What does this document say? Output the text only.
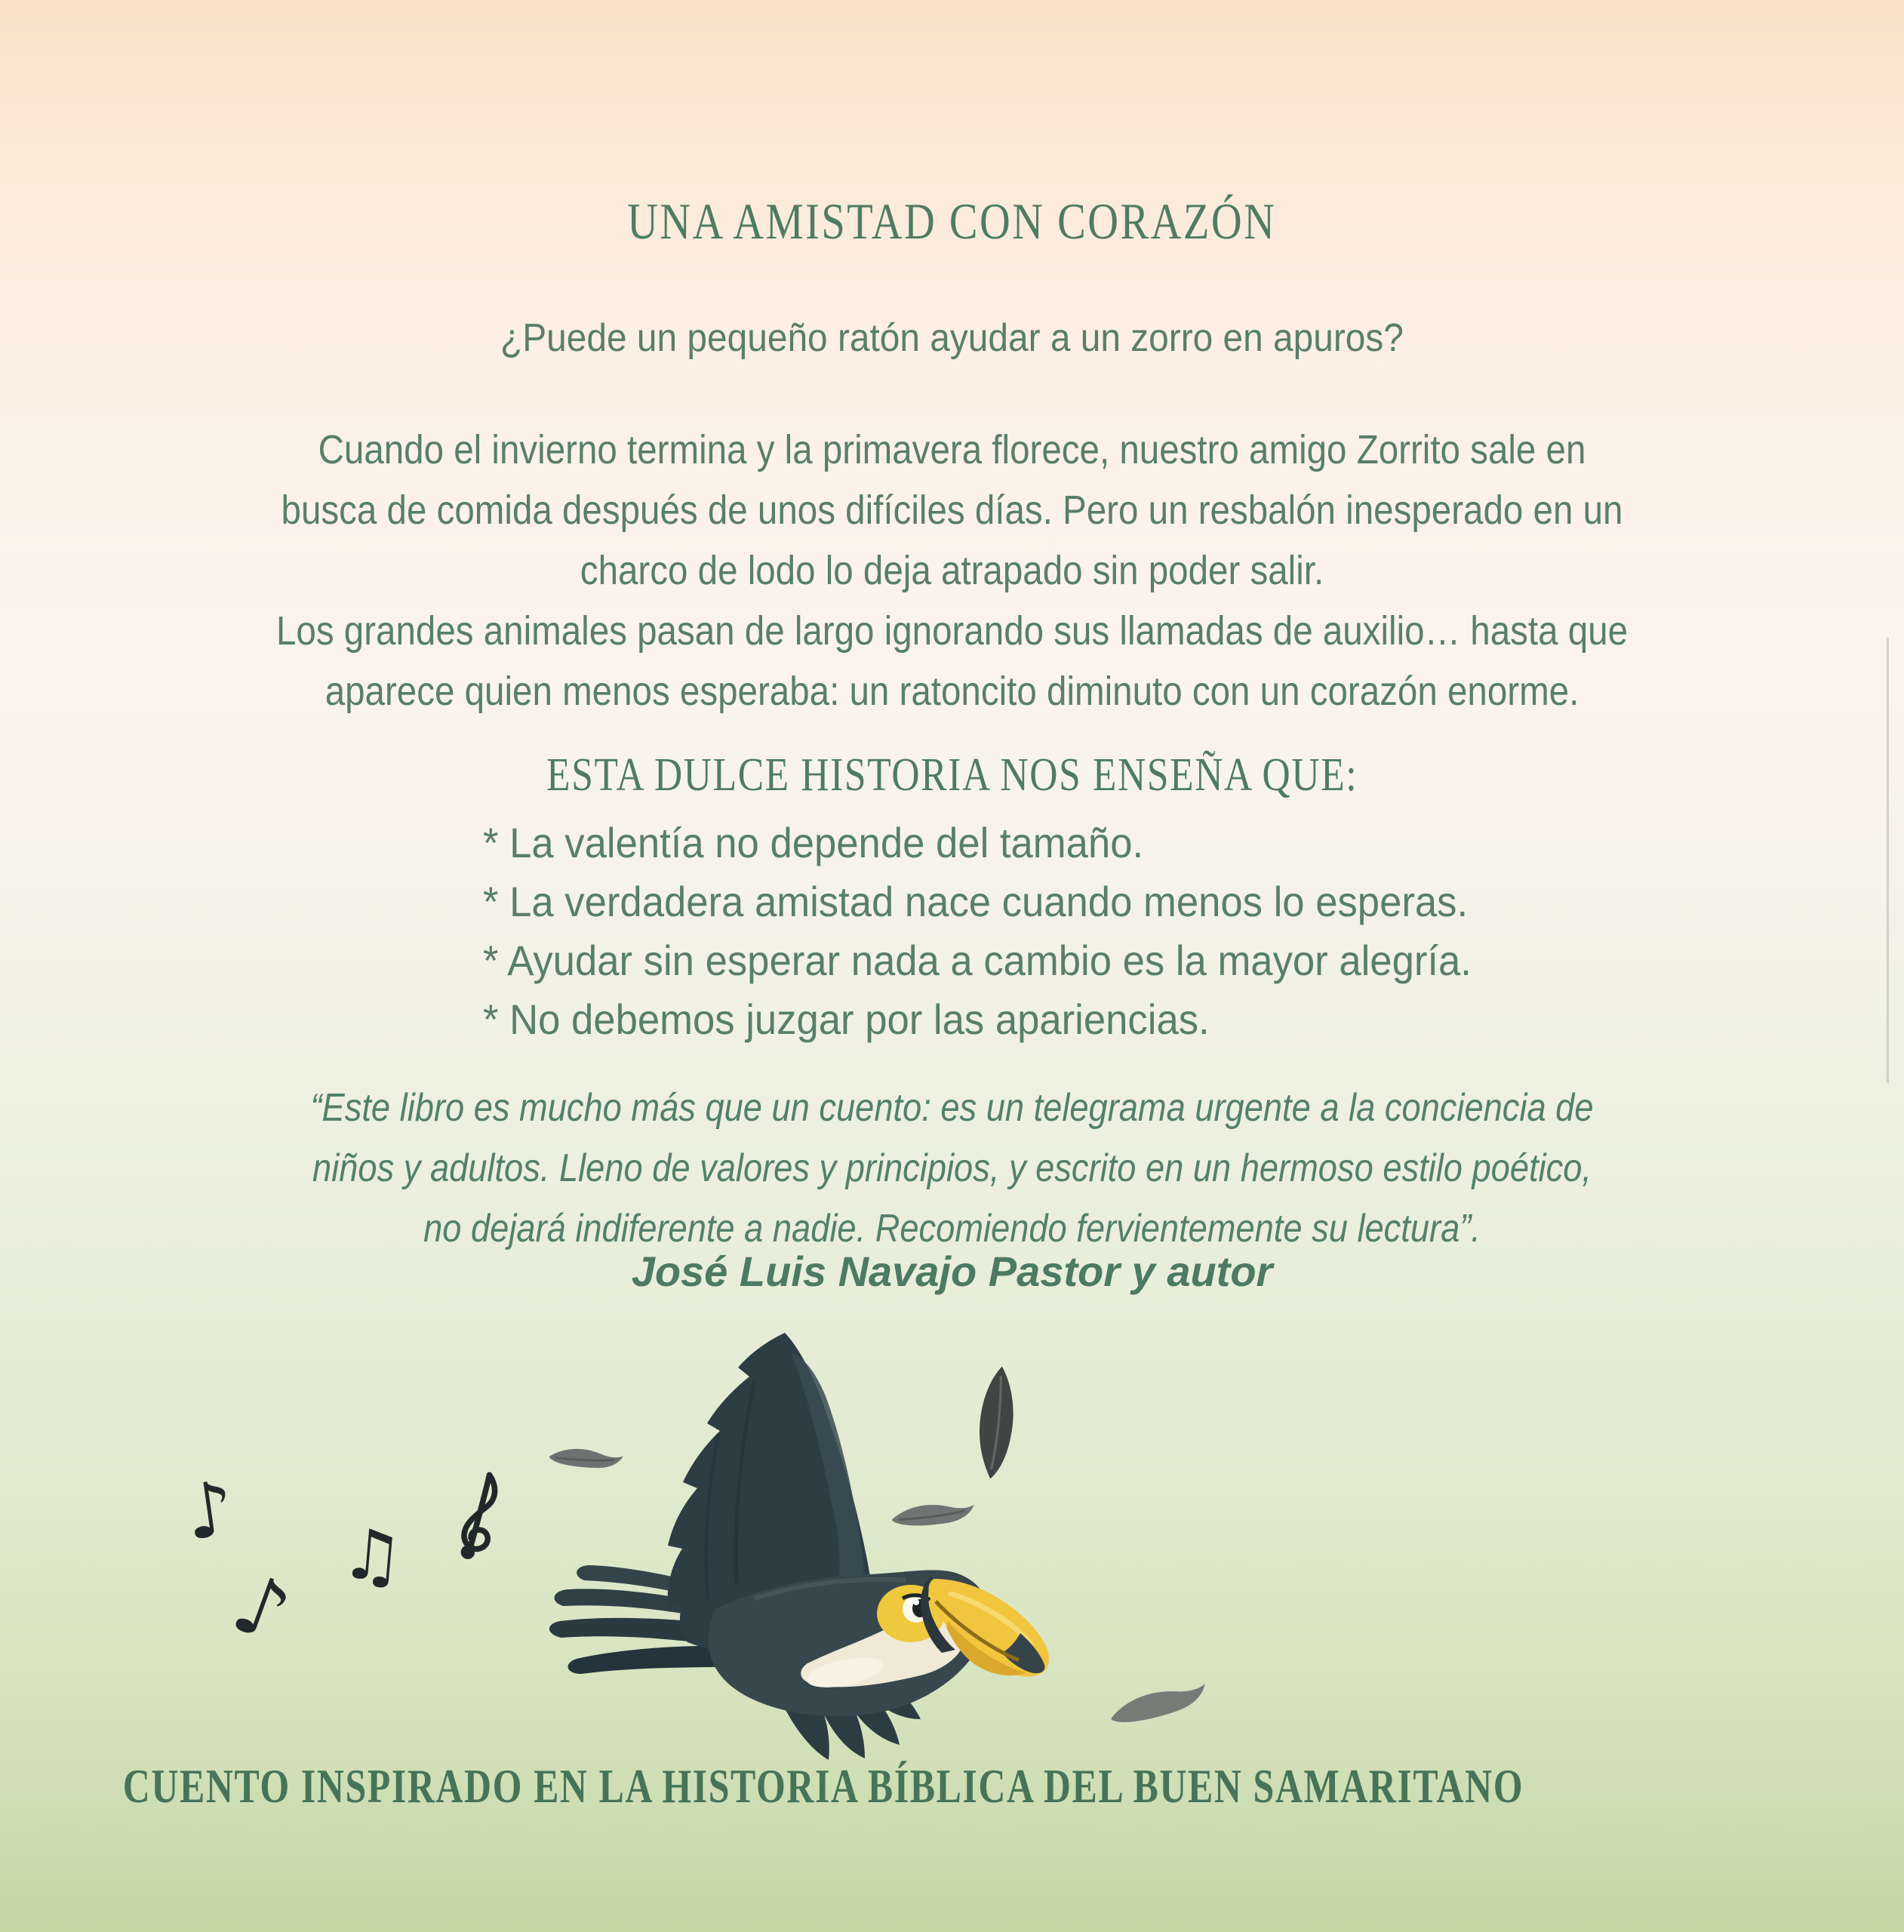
UNA AMISTAD CON CORAZÓN
¿Puede un pequeño ratón ayudar a un zorro en apuros?
Cuando el invierno termina y la primavera florece, nuestro amigo Zorrito sale en
busca de comida después de unos difíciles días. Pero un resbalón inesperado en un
charco de lodo lo deja atrapado sin poder salir.
Los grandes animales pasan de largo ignorando sus llamadas de auxilio… hasta que
aparece quien menos esperaba: un ratoncito diminuto con un corazón enorme.
ESTA DULCE HISTORIA NOS ENSEÑA QUE:
* La valentía no depende del tamaño.
* La verdadera amistad nace cuando menos lo esperas.
* Ayudar sin esperar nada a cambio es la mayor alegría.
* No debemos juzgar por las apariencias.
“Este libro es mucho más que un cuento: es un telegrama urgente a la conciencia de
niños y adultos. Lleno de valores y principios, y escrito en un hermoso estilo poético,
no dejará indiferente a nadie. Recomiendo fervientemente su lectura”.
José Luis Navajo Pastor y autor
♪
♪ ♫
CUENTO INSPIRADO EN LA HISTORIA BÍBLICA DEL BUEN SAMARITANO
